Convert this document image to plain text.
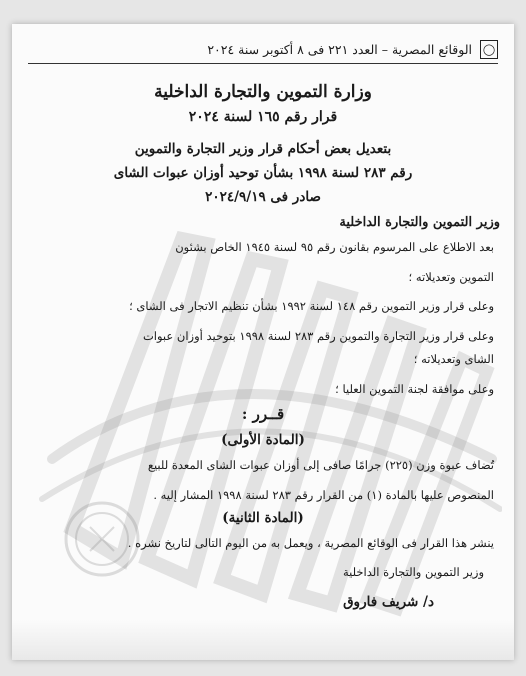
الوقائع المصرية – العدد ٢٢١ فى ٨ أكتوبر سنة ٢٠٢٤ ◯
وزارة التموين والتجارة الداخلية
قرار رقم ١٦٥ لسنة ٢٠٢٤
بتعديل بعض أحكام قرار وزير التجارة والتموين
رقم ٢٨٣ لسنة ١٩٩٨ بشأن توحيد أوزان عبوات الشاى
صادر فى ٢٠٢٤/٩/١٩
وزير التموين والتجارة الداخلية
بعد الاطلاع على المرسوم بقانون رقم ٩٥ لسنة ١٩٤٥ الخاص بشئون
التموين وتعديلاته ؛
وعلى قرار وزير التموين رقم ١٤٨ لسنة ١٩٩٢ بشأن تنظيم الاتجار فى الشاى ؛
وعلى قرار وزير التجارة والتموين رقم ٢٨٣ لسنة ١٩٩٨ بتوحيد أوزان عبوات
الشاى وتعديلاته ؛
وعلى موافقة لجنة التموين العليا ؛
قــرر :
(المادة الأولى)
تُضاف عبوة وزن (٢٢٥) جرامًا صافى إلى أوزان عبوات الشاى المعدة للبيع
المنصوص عليها بالمادة (١) من القرار رقم ٢٨٣ لسنة ١٩٩٨ المشار إليه .
(المادة الثانية)
ينشر هذا القرار فى الوقائع المصرية ، ويعمل به من اليوم التالى لتاريخ نشره .
وزير التموين والتجارة الداخلية
د/ شريف فاروق
